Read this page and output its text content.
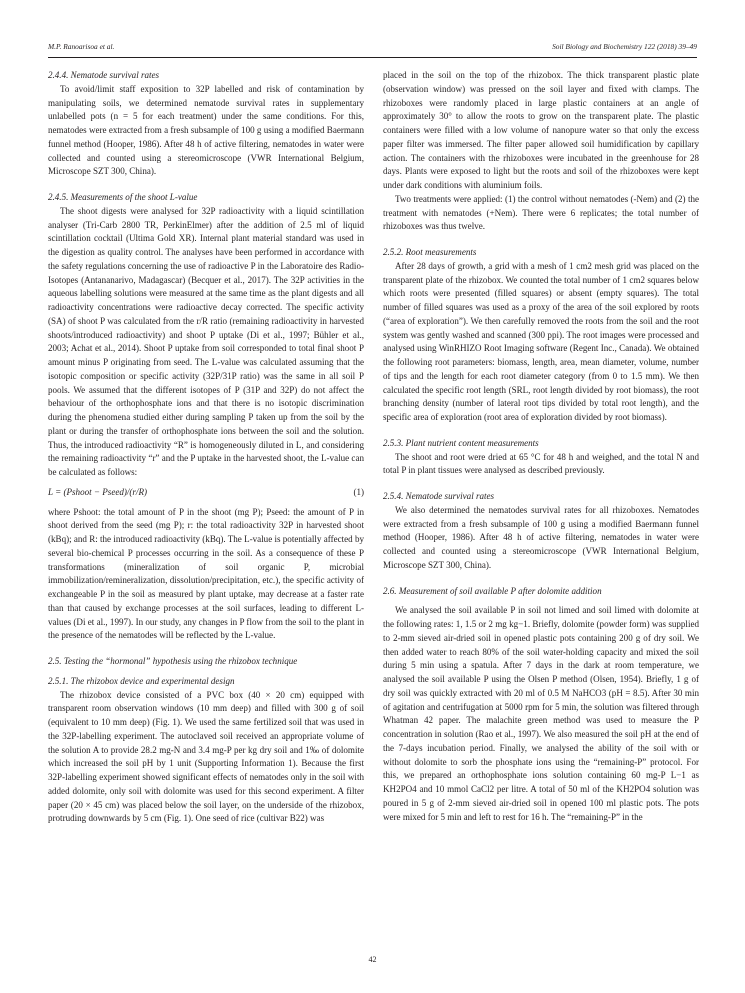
M.P. Ranoarisoa et al.	Soil Biology and Biochemistry 122 (2018) 39–49
2.4.4. Nematode survival rates

To avoid/limit staff exposition to 32P labelled and risk of contamination by manipulating soils, we determined nematode survival rates in supplementary unlabelled pots (n = 5 for each treatment) under the same conditions. For this, nematodes were extracted from a fresh subsample of 100 g using a modified Baermann funnel method (Hooper, 1986). After 48 h of active filtering, nematodes in water were collected and counted using a stereomicroscope (VWR International Belgium, Microscope SZT 300, China).

2.4.5. Measurements of the shoot L-value

The shoot digests were analysed for 32P radioactivity with a liquid scintillation analyser (Tri-Carb 2800 TR, PerkinElmer) after the addition of 2.5 ml of liquid scintillation cocktail (Ultima Gold XR). Internal plant material standard was used in the digestion as quality control. The analyses have been performed in accordance with the safety regulations concerning the use of radioactive P in the Laboratoire des Radio-Isotopes (Antananarivo, Madagascar) (Becquer et al., 2017). The 32P activities in the aqueous labelling solutions were measured at the same time as the plant digests and all radioactivity concentrations were radioactive decay corrected. The specific activity (SA) of shoot P was calculated from the r/R ratio (remaining radioactivity in harvested shoots/introduced radioactivity) and shoot P uptake (Di et al., 1997; Bühler et al., 2003; Achat et al., 2014). Shoot P uptake from soil corresponded to total final shoot P amount minus P originating from seed. The L-value was calculated assuming that the isotopic composition or specific activity (32P/31P ratio) was the same in all soil P pools. We assumed that the different isotopes of P (31P and 32P) do not affect the behaviour of the orthophosphate ions and that there is no isotopic discrimination during the phenomena studied either during sampling P taken up from the soil by the plant or during the transfer of orthophosphate ions between the soil and the solution. Thus, the introduced radioactivity “R” is homogeneously diluted in L, and considering the remaining radioactivity “r” and the P uptake in the harvested shoot, the L-value can be calculated as follows:

L = (Pshoot − Pseed)/(r/R)	(1)

where Pshoot: the total amount of P in the shoot (mg P); Pseed: the amount of P in shoot derived from the seed (mg P); r: the total radioactivity 32P in harvested shoot (kBq); and R: the introduced radioactivity (kBq). The L-value is potentially affected by several bio-chemical P processes occurring in the soil. As a consequence of these P transformations (mineralization of soil organic P, microbial immobilization/remineralization, dissolution/precipitation, etc.), the specific activity of exchangeable P in the soil as measured by plant uptake, may decrease at a faster rate than that caused by exchange processes at the soil surfaces, leading to different L-values (Di et al., 1997). In our study, any changes in P flow from the soil to the plant in the presence of the nematodes will be reflected by the L-value.

2.5. Testing the “hormonal” hypothesis using the rhizobox technique
2.5.1. The rhizobox device and experimental design

The rhizobox device consisted of a PVC box (40 × 20 cm) equipped with transparent room observation windows (10 mm deep) and filled with 300 g of soil (equivalent to 10 mm deep) (Fig. 1). We used the same fertilized soil that was used in the 32P-labelling experiment. The autoclaved soil received an appropriate volume of the solution A to provide 28.2 mg-N and 3.4 mg-P per kg dry soil and 1‰ of dolomite which increased the soil pH by 1 unit (Supporting Information 1). Because the first 32P-labelling experiment showed significant effects of nematodes only in the soil with added dolomite, only soil with dolomite was used for this second experiment. A filter paper (20 × 45 cm) was placed below the soil layer, on the underside of the rhizobox, protruding downwards by 5 cm (Fig. 1). One seed of rice (cultivar B22) was

placed in the soil on the top of the rhizobox. The thick transparent plastic plate (observation window) was pressed on the soil layer and fixed with clamps. The rhizoboxes were randomly placed in large plastic containers at an angle of approximately 30° to allow the roots to grow on the transparent plate. The plastic containers were filled with a low volume of nanopure water so that only the excess paper filter was immersed. The filter paper allowed soil humidification by capillary action. The containers with the rhizoboxes were incubated in the greenhouse for 28 days. Plants were exposed to light but the roots and soil of the rhizoboxes were kept under dark conditions with aluminium foils.

Two treatments were applied: (1) the control without nematodes (-Nem) and (2) the treatment with nematodes (+Nem). There were 6 replicates; the total number of rhizoboxes was thus twelve.

2.5.2. Root measurements

After 28 days of growth, a grid with a mesh of 1 cm2 mesh grid was placed on the transparent plate of the rhizobox. We counted the total number of 1 cm2 squares below which roots were presented (filled squares) or absent (empty squares). The total number of filled squares was used as a proxy of the area of the soil explored by roots (“area of exploration”). We then carefully removed the roots from the soil and the root system was gently washed and scanned (300 ppi). The root images were processed and analysed using WinRHIZO Root Imaging software (Regent Inc., Canada). We obtained the following root parameters: biomass, length, area, mean diameter, volume, number of tips and the length for each root diameter category (from 0 to 1.5 mm). We then calculated the specific root length (SRL, root length divided by root biomass), the root branching density (number of lateral root tips divided by total root length), and the specific area of exploration (root area of exploration divided by root biomass).

2.5.3. Plant nutrient content measurements

The shoot and root were dried at 65 °C for 48 h and weighed, and the total N and total P in plant tissues were analysed as described previously.

2.5.4. Nematode survival rates

We also determined the nematodes survival rates for all rhizoboxes. Nematodes were extracted from a fresh subsample of 100 g using a modified Baermann funnel method (Hooper, 1986). After 48 h of active filtering, nematodes in water were collected and counted using a stereomicroscope (VWR International Belgium, Microscope SZT 300, China).

2.6. Measurement of soil available P after dolomite addition

We analysed the soil available P in soil not limed and soil limed with dolomite at the following rates: 1, 1.5 or 2 mg kg−1. Briefly, dolomite (powder form) was supplied to 2-mm sieved air-dried soil in opened plastic pots containing 200 g of dry soil. We then added water to reach 80% of the soil water-holding capacity and mixed the soil during 5 min using a spatula. After 7 days in the dark at room temperature, we analysed the soil available P using the Olsen P method (Olsen, 1954). Briefly, 1 g of dry soil was quickly extracted with 20 ml of 0.5 M NaHCO3 (pH = 8.5). After 30 min of agitation and centrifugation at 5000 rpm for 5 min, the solution was filtered through Whatman 42 paper. The malachite green method was used to measure the P concentration in solution (Rao et al., 1997). We also measured the soil pH at the end of the 7-days incubation period. Finally, we analysed the ability of the soil with or without dolomite to sorb the phosphate ions using the “remaining-P” protocol. For this, we prepared an orthophosphate ions solution containing 60 mg-P L−1 as KH2PO4 and 10 mmol CaCl2 per litre. A total of 50 ml of the KH2PO4 solution was poured in 5 g of 2-mm sieved air-dried soil in opened 100 ml plastic pots. The pots were mixed for 5 min and left to rest for 16 h. The “remaining-P” in the

42
